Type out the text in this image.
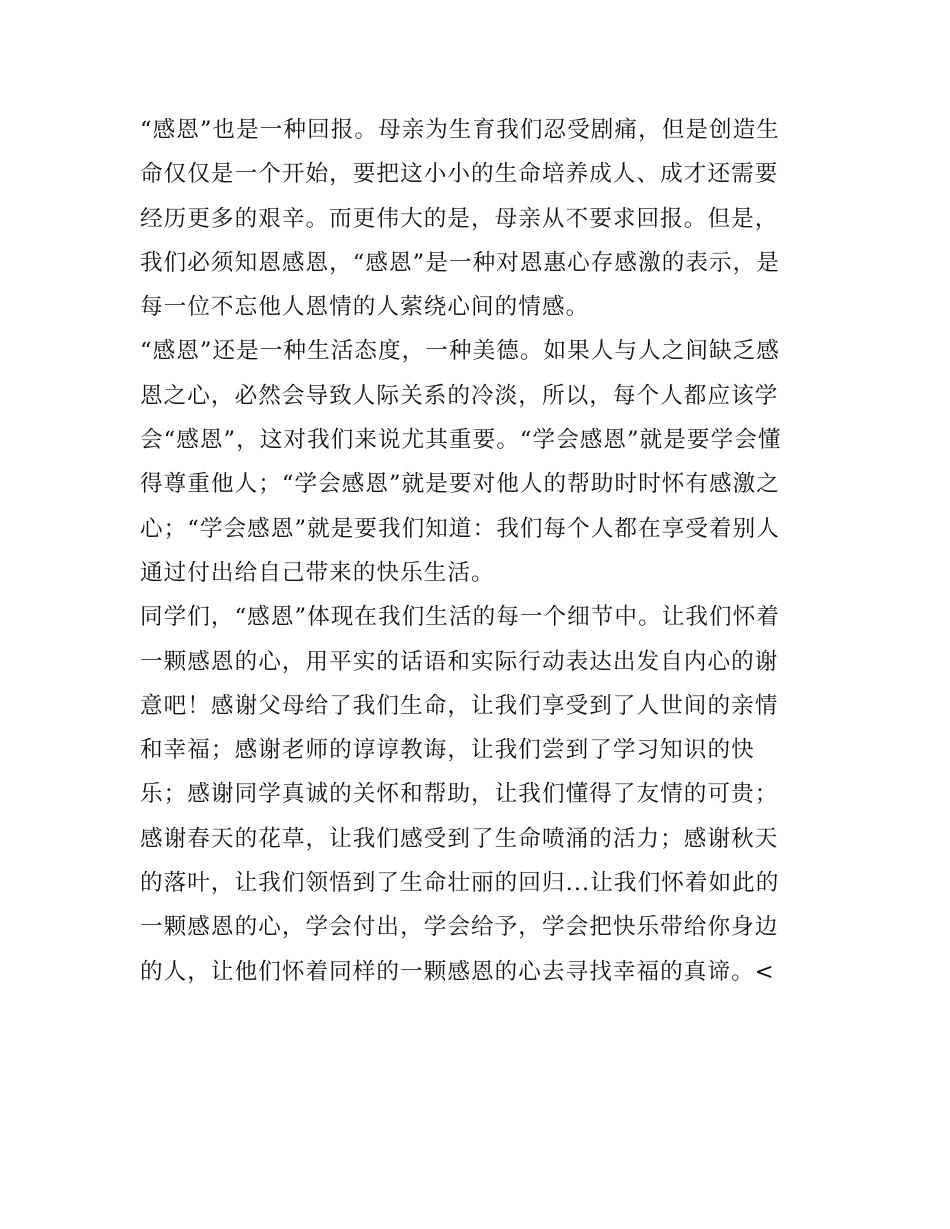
“感恩”也是一种回报。母亲为生育我们忍受剧痛，但是创造生
命仅仅是一个开始，要把这小小的生命培养成人、成才还需要
经历更多的艰辛。而更伟大的是，母亲从不要求回报。但是，
我们必须知恩感恩，“感恩”是一种对恩惠心存感激的表示，是
每一位不忘他人恩情的人萦绕心间的情感。
“感恩”还是一种生活态度，一种美德。如果人与人之间缺乏感
恩之心，必然会导致人际关系的冷淡，所以，每个人都应该学
会“感恩”，这对我们来说尤其重要。“学会感恩”就是要学会懂
得尊重他人；“学会感恩”就是要对他人的帮助时时怀有感激之
心；“学会感恩”就是要我们知道：我们每个人都在享受着别人
通过付出给自己带来的快乐生活。
同学们，“感恩”体现在我们生活的每一个细节中。让我们怀着
一颗感恩的心，用平实的话语和实际行动表达出发自内心的谢
意吧！感谢父母给了我们生命，让我们享受到了人世间的亲情
和幸福；感谢老师的谆谆教诲，让我们尝到了学习知识的快
乐；感谢同学真诚的关怀和帮助，让我们懂得了友情的可贵；
感谢春天的花草，让我们感受到了生命喷涌的活力；感谢秋天
的落叶，让我们领悟到了生命壮丽的回归...让我们怀着如此的
一颗感恩的心，学会付出，学会给予，学会把快乐带给你身边
的人，让他们怀着同样的一颗感恩的心去寻找幸福的真谛。<
